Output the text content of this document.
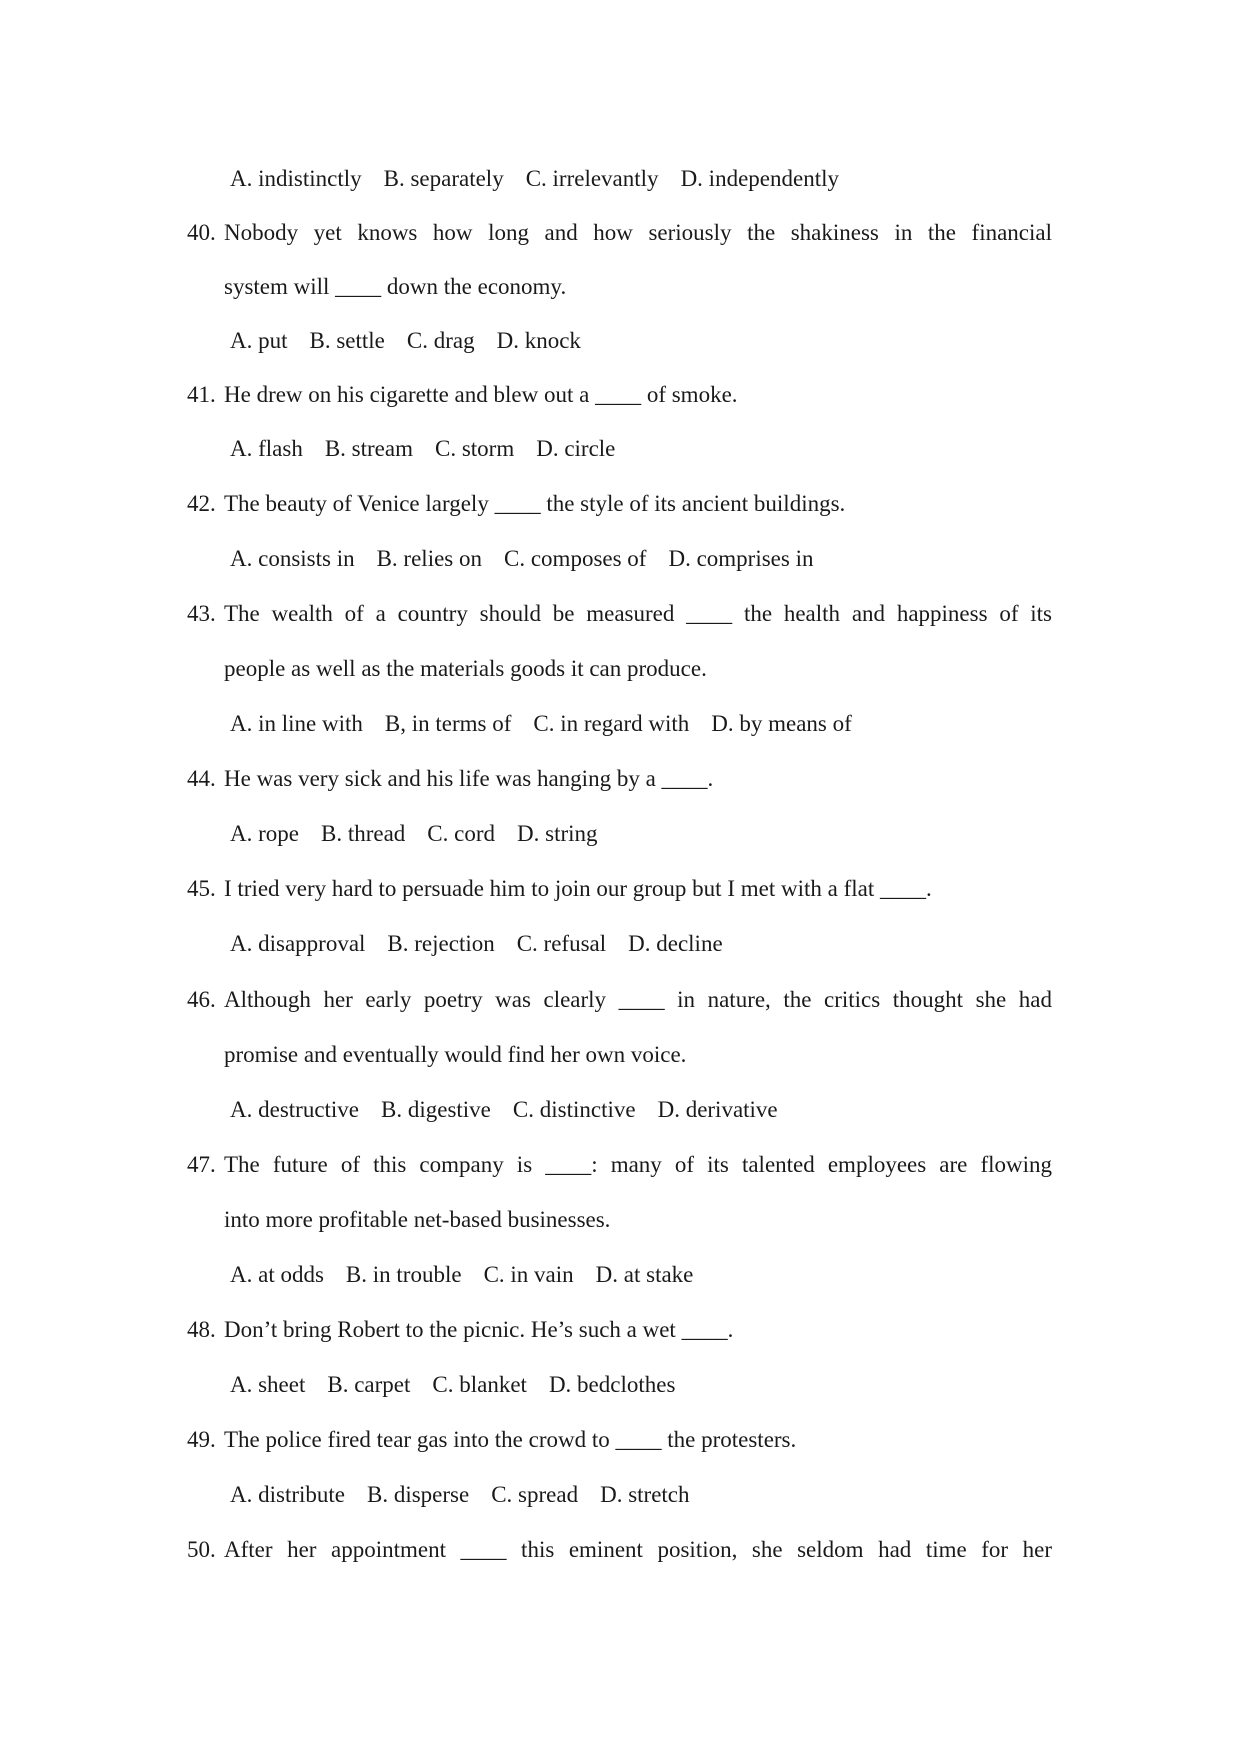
A. indistinctly B. separately C. irrelevantly D. independently
40. Nobody yet knows how long and how seriously the shakiness in the financial
system will ____ down the economy.
A. put B. settle C. drag D. knock
41. He drew on his cigarette and blew out a ____ of smoke.
A. flash B. stream C. storm D. circle
42. The beauty of Venice largely ____ the style of its ancient buildings.
A. consists in B. relies on C. composes of D. comprises in
43. The wealth of a country should be measured ____ the health and happiness of its
people as well as the materials goods it can produce.
A. in line with B, in terms of C. in regard with D. by means of
44. He was very sick and his life was hanging by a ____.
A. rope B. thread C. cord D. string
45. I tried very hard to persuade him to join our group but I met with a flat ____.
A. disapproval B. rejection C. refusal D. decline
46. Although her early poetry was clearly ____ in nature, the critics thought she had
promise and eventually would find her own voice.
A. destructive B. digestive C. distinctive D. derivative
47. The future of this company is ____: many of its talented employees are flowing
into more profitable net-based businesses.
A. at odds B. in trouble C. in vain D. at stake
48. Don’t bring Robert to the picnic. He’s such a wet ____.
A. sheet B. carpet C. blanket D. bedclothes
49. The police fired tear gas into the crowd to ____ the protesters.
A. distribute B. disperse C. spread D. stretch
50. After her appointment ____ this eminent position, she seldom had time for her
